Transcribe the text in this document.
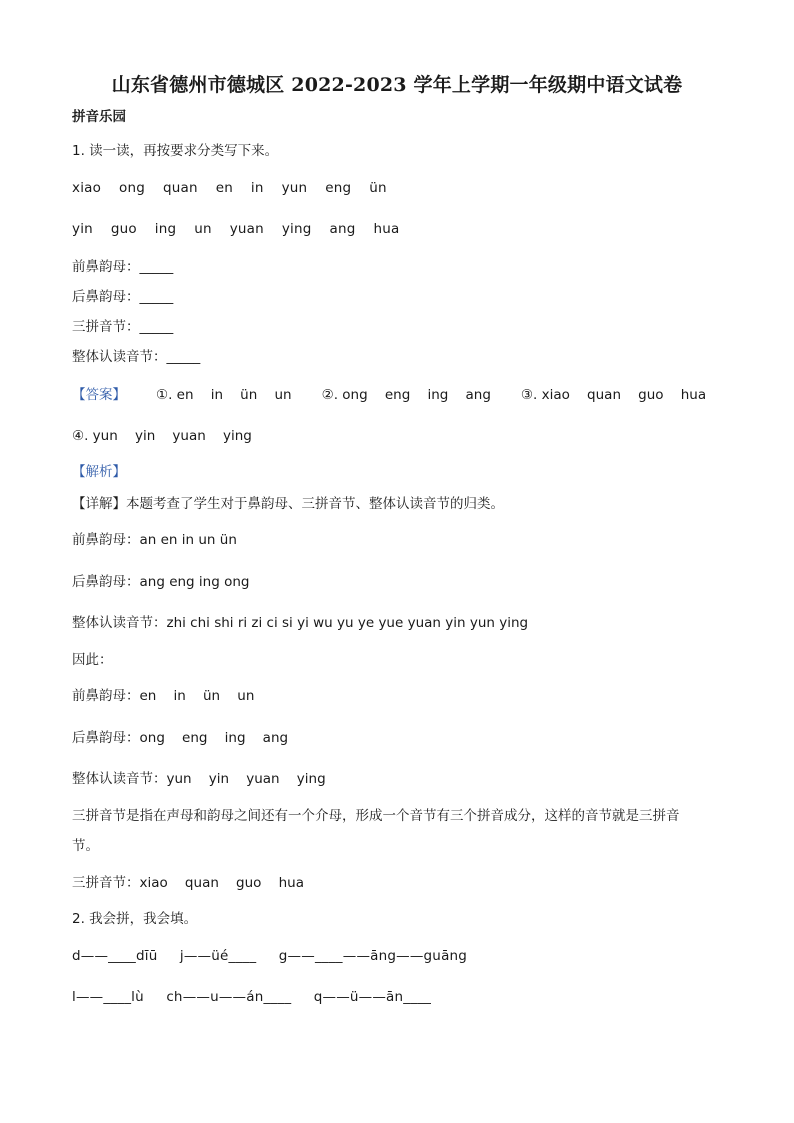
山东省德州市德城区 2022-2023 学年上学期一年级期中语文试卷
拼音乐园
1. 读一读，再按要求分类写下来。
xiao    ong    quan    en    in    yun    eng    ün
yin    guo    ing    un    yuan    ying    ang    hua
前鼻韵母：_____
后鼻韵母：_____
三拼音节：_____
整体认读音节：_____
【答案】 ①. en    in    ün    un       ②. ong    eng    ing    ang       ③. xiao    quan    guo    hua
④. yun    yin    yuan    ying
【解析】
【详解】本题考查了学生对于鼻韵母、三拼音节、整体认读音节的归类。
前鼻韵母：an en in un ün
后鼻韵母：ang eng ing ong
整体认读音节：zhi chi shi ri zi ci si yi wu yu ye yue yuan yin yun ying
因此：
前鼻韵母：en    in    ün    un
后鼻韵母：ong    eng    ing    ang
整体认读音节：yun    yin    yuan    ying
三拼音节是指在声母和韵母之间还有一个介母，形成一个音节有三个拼音成分，这样的音节就是三拼音
节。
三拼音节：xiao    quan    guo    hua
2. 我会拼，我会填。
d——____dīū     j——üé____     g——____——āng——guāng
l——____lù     ch——u——án____     q——ü——ān____
